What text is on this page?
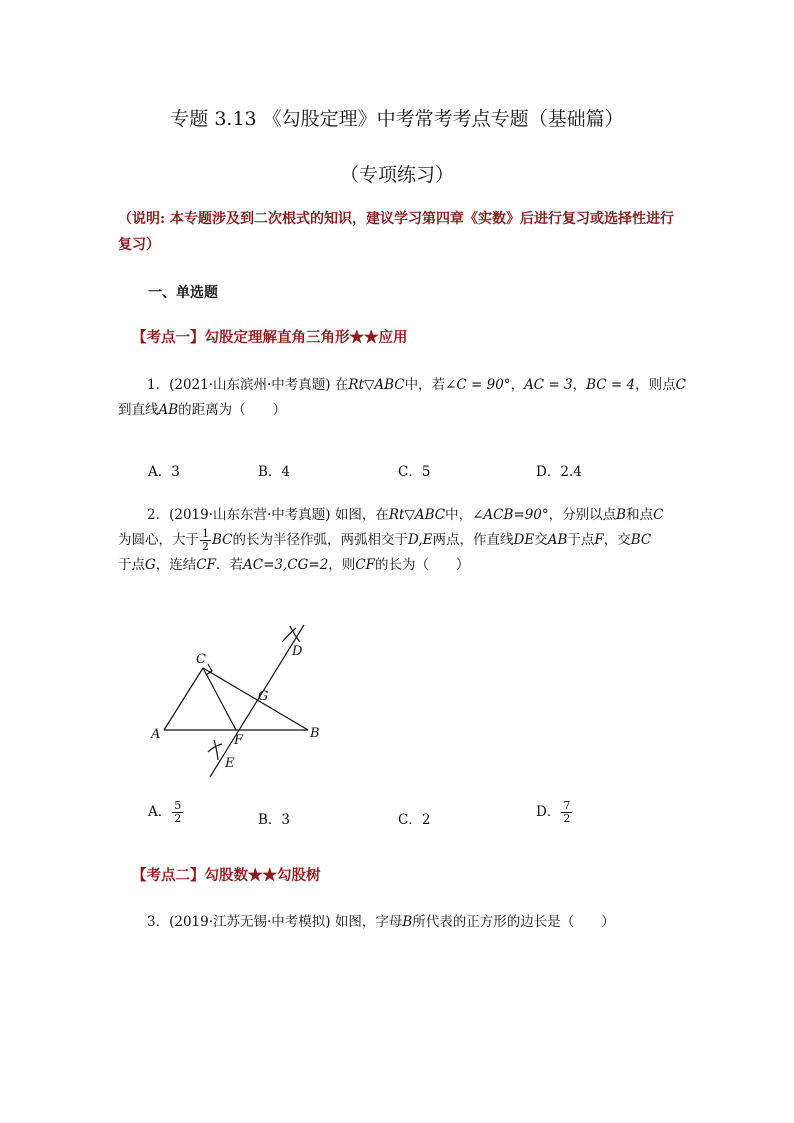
专题 3.13 《勾股定理》中考常考考点专题（基础篇）
（专项练习）
（说明: 本专题涉及到二次根式的知识，建议学习第四章《实数》后进行复习或选择性进行复习）
一、单选题
【考点一】勾股定理解直角三角形★★应用
1．(2021·山东滨州·中考真题) 在Rt▽ABC中，若∠C = 90°，AC = 3，BC = 4，则点C
到直线AB的距离为（　　）
A．3	B．4	C．5	D．2.4
2．(2019·山东东营·中考真题) 如图，在Rt▽ABC中，∠ACB=90°，分别以点B和点C
为圆心，大于 $\frac{1}{2}$ BC的长为半径作弧，两弧相交于D,E两点，作直线DE交AB于点F，交BC
于点G，连结CF．若AC=3,CG=2，则CF的长为（　　）
C
D
G
A	F	B
E
A． $\frac{5}{2}$	B．3	C．2	D． $\frac{7}{2}$
【考点二】勾股数★★勾股树
3．(2019·江苏无锡·中考模拟) 如图，字母B所代表的正方形的边长是（　　）
